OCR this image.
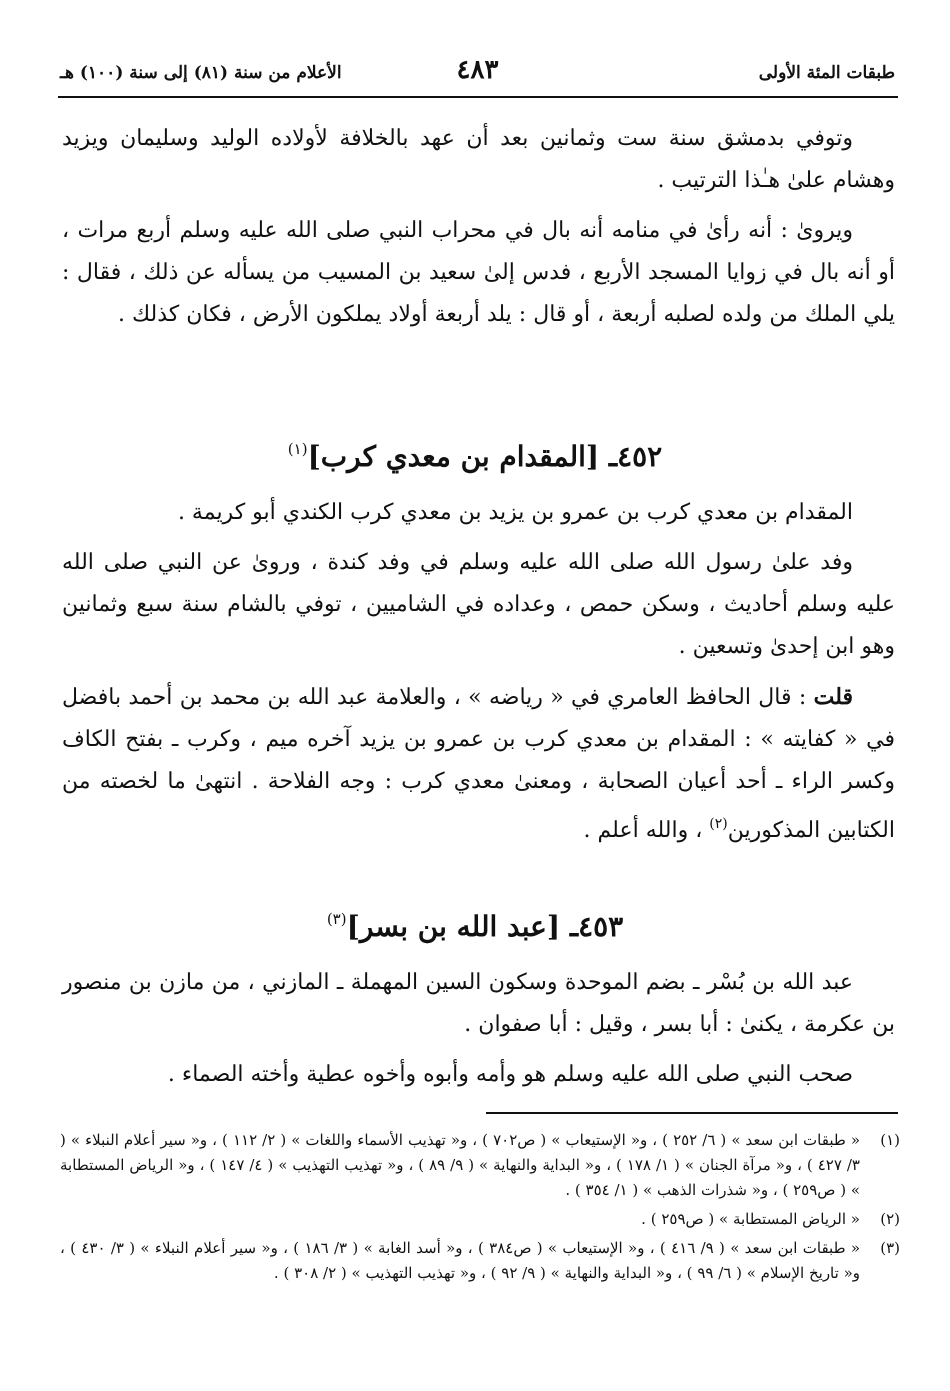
طبقات المئة الأولى
٤٨٣
الأعلام من سنة (٨١) إلى سنة (١٠٠) هـ

وتوفي بدمشق سنة ست وثمانين بعد أن عهد بالخلافة لأولاده الوليد وسليمان ويزيد وهشام علىٰ هـٰذا الترتيب .

ويروىٰ : أنه رأىٰ في منامه أنه بال في محراب النبي صلى الله عليه وسلم أربع مرات ، أو أنه بال في زوايا المسجد الأربع ، فدس إلىٰ سعيد بن المسيب من يسأله عن ذلك ، فقال : يلي الملك من ولده لصلبه أربعة ، أو قال : يلد أربعة أولاد يملكون الأرض ، فكان كذلك .

٤٥٢ـ [المقدام بن معدي كرب]$^{(١)}$

المقدام بن معدي كرب بن عمرو بن يزيد بن معدي كرب الكندي أبو كريمة .

وفد علىٰ رسول الله صلى الله عليه وسلم في وفد كندة ، وروىٰ عن النبي صلى الله عليه وسلم أحاديث ، وسكن حمص ، وعداده في الشاميين ، توفي بالشام سنة سبع وثمانين وهو ابن إحدىٰ وتسعين .

قلت : قال الحافظ العامري في « رياضه » ، والعلامة عبد الله بن محمد بن أحمد بافضل في « كفايته » : المقدام بن معدي كرب بن عمرو بن يزيد آخره ميم ، وكرب ـ بفتح الكاف وكسر الراء ـ أحد أعيان الصحابة ، ومعنىٰ معدي كرب : وجه الفلاحة . انتهىٰ ما لخصته من الكتابين المذكورين$^{(٢)}$ ، والله أعلم .

٤٥٣ـ [عبد الله بن بسر]$^{(٣)}$

عبد الله بن بُسْر ـ بضم الموحدة وسكون السين المهملة ـ المازني ، من مازن بن منصور بن عكرمة ، يكنىٰ : أبا بسر ، وقيل : أبا صفوان .

صحب النبي صلى الله عليه وسلم هو وأمه وأبوه وأخوه عطية وأخته الصماء .

(١)
« طبقات ابن سعد » ( ٦/ ٢٥٢ ) ، و« الإستيعاب » ( ص٧٠٢ ) ، و« تهذيب الأسماء واللغات » ( ٢/ ١١٢ ) ، و« سير أعلام النبلاء » ( ٣/ ٤٢٧ ) ، و« مرآة الجنان » ( ١/ ١٧٨ ) ، و« البداية والنهاية » ( ٩/ ٨٩ ) ، و« تهذيب التهذيب » ( ٤/ ١٤٧ ) ، و« الرياض المستطابة » ( ص٢٥٩ ) ، و« شذرات الذهب » ( ١/ ٣٥٤ ) .
(٢)
« الرياض المستطابة » ( ص٢٥٩ ) .
(٣)
« طبقات ابن سعد » ( ٩/ ٤١٦ ) ، و« الإستيعاب » ( ص٣٨٤ ) ، و« أسد الغابة » ( ٣/ ١٨٦ ) ، و« سير أعلام النبلاء » ( ٣/ ٤٣٠ ) ، و« تاريخ الإسلام » ( ٦/ ٩٩ ) ، و« البداية والنهاية » ( ٩/ ٩٢ ) ، و« تهذيب التهذيب » ( ٢/ ٣٠٨ ) .
